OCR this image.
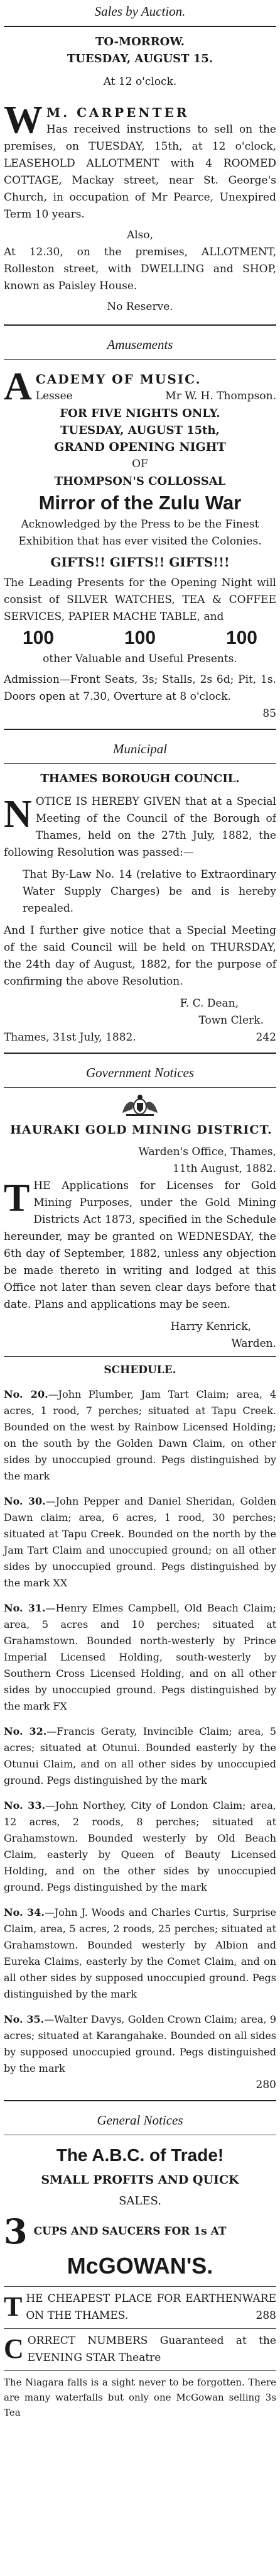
Sales by Auction.
TO-MORROW.
TUESDAY, AUGUST 15.
At 12 o'clock.
W M. CARPENTER
Has received instructions to sell on the premises, on TUESDAY, 15th, at 12 o'clock, LEASEHOLD ALLOTMENT with 4 ROOMED COTTAGE, Mackay street, near St. George's Church, in occupation of Mr Pearce, Unexpired Term 10 years.
Also,
At 12.30, on the premises, ALLOTMENT, Rolleston street, with DWELLING and SHOP, known as Paisley House.
No Reserve.
Amusements
A CADEMY OF MUSIC.
Lessee	Mr W. H. Thompson.
FOR FIVE NIGHTS ONLY.
TUESDAY, AUGUST 15th,
GRAND OPENING NIGHT
OF
THOMPSON'S COLLOSSAL
Mirror of the Zulu War
Acknowledged by the Press to be the Finest Exhibition that has ever visited the Colonies.
GIFTS!! GIFTS!! GIFTS!!!
The Leading Presents for the Opening Night will consist of SILVER WATCHES, TEA & COFFEE SERVICES, PAPIER MACHE TABLE, and
100	100	100
other Valuable and Useful Presents.
Admission—Front Seats, 3s; Stalls, 2s 6d; Pit, 1s. Doors open at 7.30, Overture at 8 o'clock.
85
Municipal
THAMES BOROUGH COUNCIL.
N OTICE IS HEREBY GIVEN that at a Special Meeting of the Council of the Borough of Thames, held on the 27th July, 1882, the following Resolution was passed:—
That By-Law No. 14 (relative to Extraordinary Water Supply Charges) be and is hereby repealed.
And I further give notice that a Special Meeting of the said Council will be held on THURSDAY, the 24th day of August, 1882, for the purpose of confirming the above Resolution.
F. C. Dean,
Town Clerk.
Thames, 31st July, 1882.	242
Government Notices
HAURAKI GOLD MINING DISTRICT.
Warden's Office, Thames,
11th August, 1882.
T HE Applications for Licenses for Gold Mining Purposes, under the Gold Mining Districts Act 1873, specified in the Schedule hereunder, may be granted on WEDNESDAY, the 6th day of September, 1882, unless any objection be made thereto in writing and lodged at this Office not later than seven clear days before that date. Plans and applications may be seen.
Harry Kenrick,
Warden.
SCHEDULE.
No. 20.—John Plumber, Jam Tart Claim; area, 4 acres, 1 rood, 7 perches; situated at Tapu Creek. Bounded on the west by Rainbow Licensed Holding; on the south by the Golden Dawn Claim, on other sides by unoccupied ground. Pegs distinguished by the mark
No. 30.—John Pepper and Daniel Sheridan, Golden Dawn claim; area, 6 acres, 1 rood, 30 perches; situated at Tapu Creek. Bounded on the north by the Jam Tart Claim and unoccupied ground; on all other sides by unoccupied ground. Pegs distinguished by the mark XX
No. 31.—Henry Elmes Campbell, Old Beach Claim; area, 5 acres and 10 perches; situated at Grahamstown. Bounded north-westerly by Prince Imperial Licensed Holding, south-westerly by Southern Cross Licensed Holding, and on all other sides by unoccupied ground. Pegs distinguished by the mark FX
No. 32.—Francis Geraty, Invincible Claim; area, 5 acres; situated at Otunui. Bounded easterly by the Otunui Claim, and on all other sides by unoccupied ground. Pegs distinguished by the mark
No. 33.—John Northey, City of London Claim; area, 12 acres, 2 roods, 8 perches; situated at Grahamstown. Bounded westerly by Old Beach Claim, easterly by Queen of Beauty Licensed Holding, and on the other sides by unoccupied ground. Pegs distinguished by the mark
No. 34.—John J. Woods and Charles Curtis, Surprise Claim, area, 5 acres, 2 roods, 25 perches; situated at Grahamstown. Bounded westerly by Albion and Eureka Claims, easterly by the Comet Claim, and on all other sides by supposed unoccupied ground. Pegs distinguished by the mark
No. 35.—Walter Davys, Golden Crown Claim; area, 9 acres; situated at Karangahake. Bounded on all sides by supposed unoccupied ground. Pegs distinguished by the mark
280
General Notices
The A.B.C. of Trade!
SMALL PROFITS AND QUICK
SALES.
3 CUPS AND SAUCERS FOR 1s AT
McGOWAN'S.
T HE CHEAPEST PLACE FOR EARTHENWARE ON THE THAMES.	288
C ORRECT NUMBERS Guaranteed at the EVENING STAR Theatre
The Niagara falls is a sight never to be forgotten. There are many waterfalls but only one McGowan selling 3s Tea
